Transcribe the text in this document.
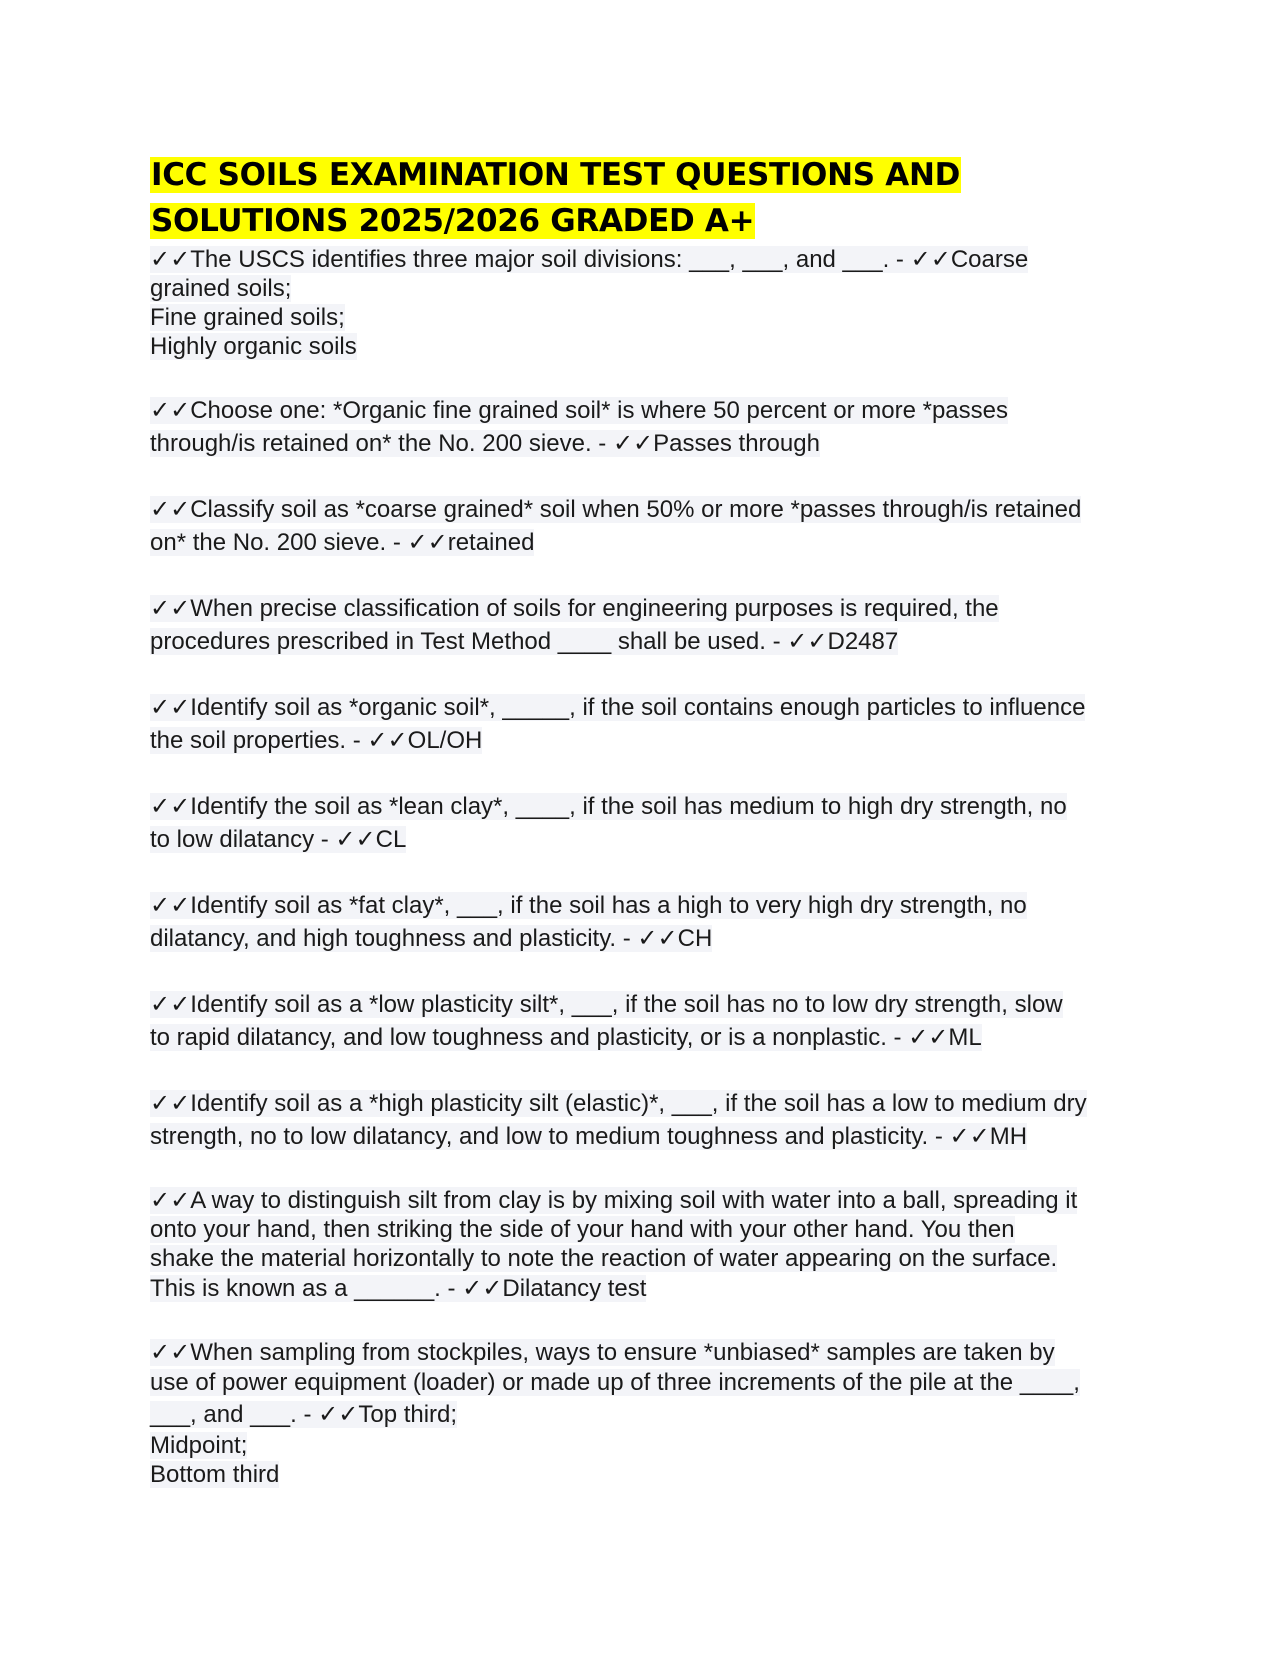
ICC SOILS EXAMINATION TEST QUESTIONS AND
SOLUTIONS 2025/2026 GRADED A+
✓✓The USCS identifies three major soil divisions: ___, ___, and ___. - ✓✓Coarse
grained soils;
Fine grained soils;
Highly organic soils
✓✓Choose one: *Organic fine grained soil* is where 50 percent or more *passes
through/is retained on* the No. 200 sieve. - ✓✓Passes through
✓✓Classify soil as *coarse grained* soil when 50% or more *passes through/is retained
on* the No. 200 sieve. - ✓✓retained
✓✓When precise classification of soils for engineering purposes is required, the
procedures prescribed in Test Method ____ shall be used. - ✓✓D2487
✓✓Identify soil as *organic soil*, _____, if the soil contains enough particles to influence
the soil properties. - ✓✓OL/OH
✓✓Identify the soil as *lean clay*, ____, if the soil has medium to high dry strength, no
to low dilatancy - ✓✓CL
✓✓Identify soil as *fat clay*, ___, if the soil has a high to very high dry strength, no
dilatancy, and high toughness and plasticity. - ✓✓CH
✓✓Identify soil as a *low plasticity silt*, ___, if the soil has no to low dry strength, slow
to rapid dilatancy, and low toughness and plasticity, or is a nonplastic. - ✓✓ML
✓✓Identify soil as a *high plasticity silt (elastic)*, ___, if the soil has a low to medium dry
strength, no to low dilatancy, and low to medium toughness and plasticity. - ✓✓MH
✓✓A way to distinguish silt from clay is by mixing soil with water into a ball, spreading it
onto your hand, then striking the side of your hand with your other hand. You then
shake the material horizontally to note the reaction of water appearing on the surface.
This is known as a ______. - ✓✓Dilatancy test
✓✓When sampling from stockpiles, ways to ensure *unbiased* samples are taken by
use of power equipment (loader) or made up of three increments of the pile at the ____,
___, and ___. - ✓✓Top third;
Midpoint;
Bottom third
